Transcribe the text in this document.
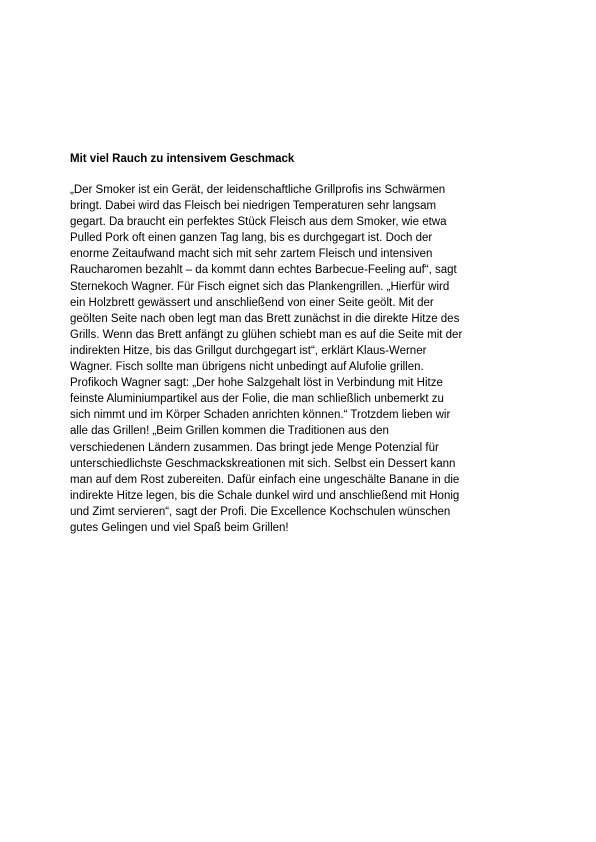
Mit viel Rauch zu intensivem Geschmack
„Der Smoker ist ein Gerät, der leidenschaftliche Grillprofis ins Schwärmen
bringt. Dabei wird das Fleisch bei niedrigen Temperaturen sehr langsam
gegart. Da braucht ein perfektes Stück Fleisch aus dem Smoker, wie etwa
Pulled Pork oft einen ganzen Tag lang, bis es durchgegart ist. Doch der
enorme Zeitaufwand macht sich mit sehr zartem Fleisch und intensiven
Raucharomen bezahlt – da kommt dann echtes Barbecue-Feeling auf“, sagt
Sternekoch Wagner. Für Fisch eignet sich das Plankengrillen. „Hierfür wird
ein Holzbrett gewässert und anschließend von einer Seite geölt. Mit der
geölten Seite nach oben legt man das Brett zunächst in die direkte Hitze des
Grills. Wenn das Brett anfängt zu glühen schiebt man es auf die Seite mit der
indirekten Hitze, bis das Grillgut durchgegart ist“, erklärt Klaus-Werner
Wagner. Fisch sollte man übrigens nicht unbedingt auf Alufolie grillen.
Profikoch Wagner sagt: „Der hohe Salzgehalt löst in Verbindung mit Hitze
feinste Aluminiumpartikel aus der Folie, die man schließlich unbemerkt zu
sich nimmt und im Körper Schaden anrichten können.“ Trotzdem lieben wir
alle das Grillen! „Beim Grillen kommen die Traditionen aus den
verschiedenen Ländern zusammen. Das bringt jede Menge Potenzial für
unterschiedlichste Geschmackskreationen mit sich. Selbst ein Dessert kann
man auf dem Rost zubereiten. Dafür einfach eine ungeschälte Banane in die
indirekte Hitze legen, bis die Schale dunkel wird und anschließend mit Honig
und Zimt servieren“, sagt der Profi. Die Excellence Kochschulen wünschen
gutes Gelingen und viel Spaß beim Grillen!
